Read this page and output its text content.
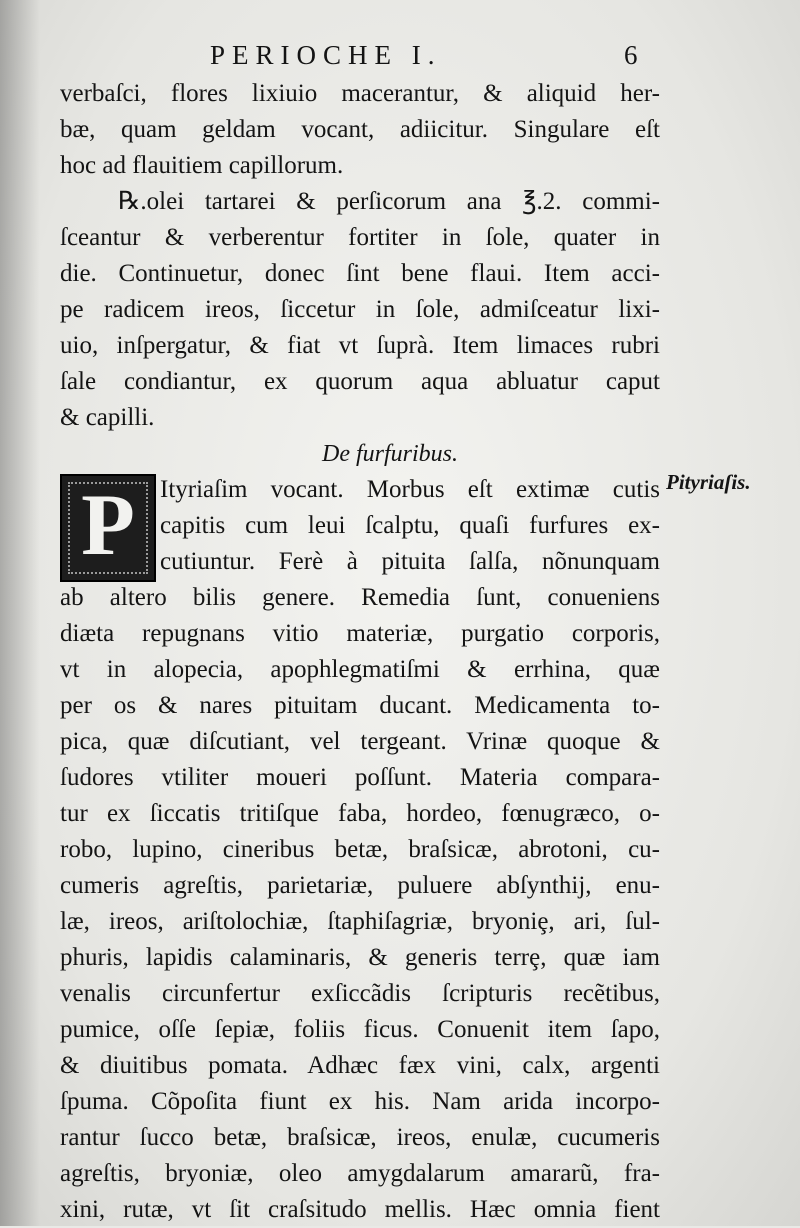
PERIOCHE I.	6
verbaſci, flores lixiuio macerantur, & aliquid her-
bæ, quam geldam vocant, adiicitur. Singulare eſt
hoc ad flauitiem capillorum.
℞.olei tartarei & perſicorum ana ℥.2. commi-
ſceantur & verberentur fortiter in ſole, quater in
die. Continuetur, donec ſint bene flaui. Item acci-
pe radicem ireos, ſiccetur in ſole, admiſceatur lixi-
uio, inſpergatur, & fiat vt ſuprà. Item limaces rubri
ſale condiantur, ex quorum aqua abluatur caput
& capilli.
De furfuribus.
P	Ityriaſim vocant. Morbus eſt extimæ cutis
capitis cum leui ſcalptu, quaſi furfures ex-
cutiuntur. Ferè à pituita ſalſa, nõnunquam
ab altero bilis genere. Remedia ſunt, conueniens
diæta repugnans vitio materiæ, purgatio corporis,
vt in alopecia, apophlegmatiſmi & errhina, quæ
per os & nares pituitam ducant. Medicamenta to-
pica, quæ diſcutiant, vel tergeant. Vrinæ quoque &
ſudores vtiliter moueri poſſunt. Materia compara-
tur ex ſiccatis tritiſque faba, hordeo, fœnugræco, o-
robo, lupino, cineribus betæ, braſsicæ, abrotoni, cu-
cumeris agreſtis, parietariæ, puluere abſynthij, enu-
læ, ireos, ariſtolochiæ, ſtaphiſagriæ, bryoniȩ, ari, ſul-
phuris, lapidis calaminaris, & generis terrȩ, quæ iam
venalis circunfertur exſiccãdis ſcripturis recẽtibus,
pumice, oſſe ſepiæ, foliis ficus. Conuenit item ſapo,
& diuitibus pomata. Adhæc fæx vini, calx, argenti
ſpuma. Cõpoſita fiunt ex his. Nam arida incorpo-
rantur ſucco betæ, braſsicæ, ireos, enulæ, cucumeris
agreſtis, bryoniæ, oleo amygdalarum amararũ, fra-
xini, rutæ, vt ſit craſsitudo mellis. Hæc omnia fient
Pityriaſis.
